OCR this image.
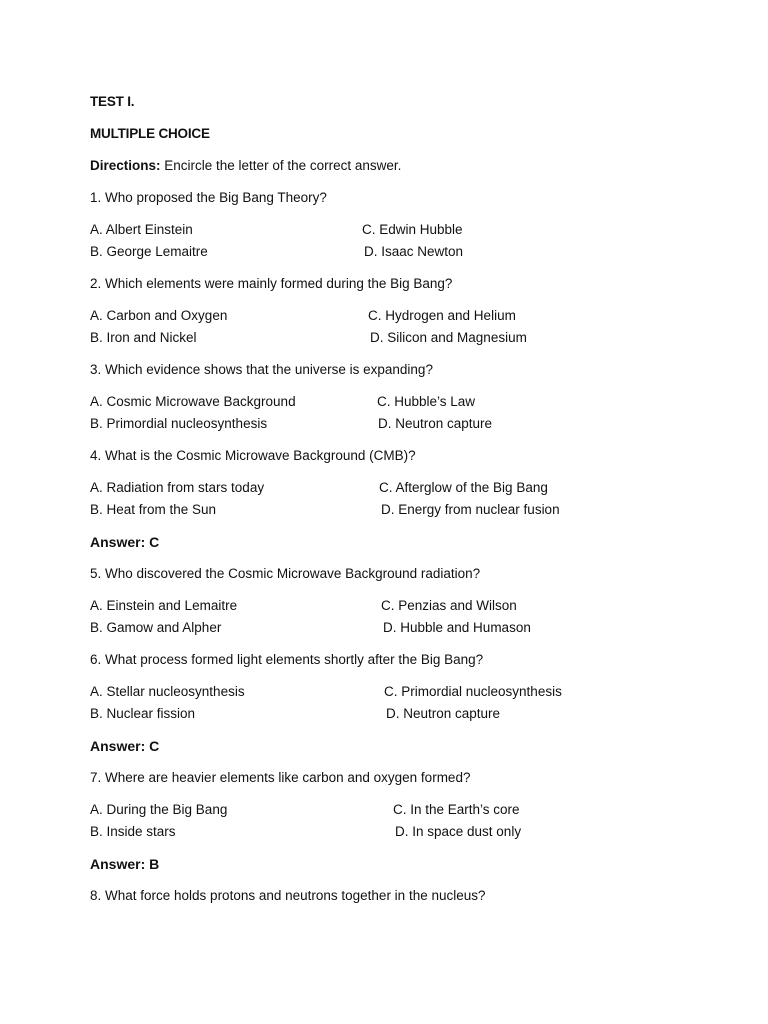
TEST I.
MULTIPLE CHOICE
Directions: Encircle the letter of the correct answer.
1. Who proposed the Big Bang Theory?
A. Albert Einstein
B. George Lemaitre
C. Edwin Hubble
D. Isaac Newton
2. Which elements were mainly formed during the Big Bang?
A. Carbon and Oxygen
B. Iron and Nickel
C. Hydrogen and Helium
D. Silicon and Magnesium
3. Which evidence shows that the universe is expanding?
A. Cosmic Microwave Background
B. Primordial nucleosynthesis
C. Hubble’s Law
D. Neutron capture
4. What is the Cosmic Microwave Background (CMB)?
A. Radiation from stars today
B. Heat from the Sun
C. Afterglow of the Big Bang
D. Energy from nuclear fusion
Answer: C
5. Who discovered the Cosmic Microwave Background radiation?
A. Einstein and Lemaitre
B. Gamow and Alpher
C. Penzias and Wilson
D. Hubble and Humason
6. What process formed light elements shortly after the Big Bang?
A. Stellar nucleosynthesis
B. Nuclear fission
C. Primordial nucleosynthesis
D. Neutron capture
Answer: C
7. Where are heavier elements like carbon and oxygen formed?
A. During the Big Bang
B. Inside stars
C. In the Earth’s core
D. In space dust only
Answer: B
8. What force holds protons and neutrons together in the nucleus?
